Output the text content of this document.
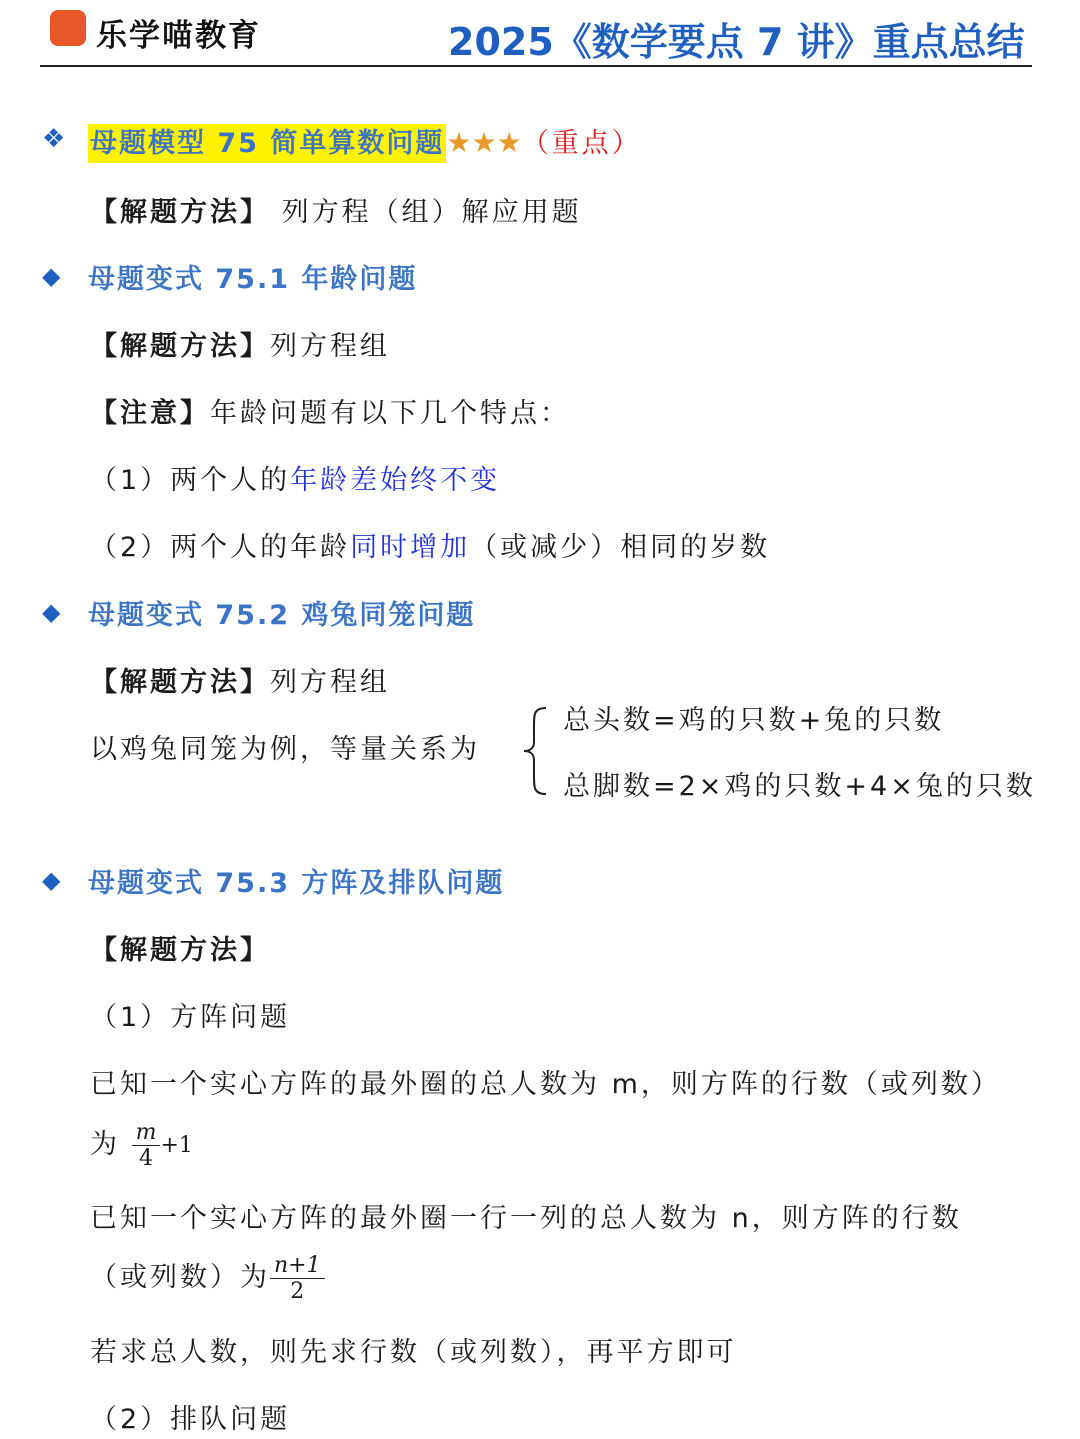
乐学喵教育	2025《数学要点 7 讲》重点总结
❖ 母题模型 75 简单算数问题★★★（重点）
【解题方法】 列方程（组）解应用题
◆ 母题变式 75.1 年龄问题
【解题方法】列方程组
【注意】年龄问题有以下几个特点：
（1）两个人的年龄差始终不变
（2）两个人的年龄同时增加（或减少）相同的岁数
◆ 母题变式 75.2 鸡兔同笼问题
【解题方法】列方程组
以鸡兔同笼为例，等量关系为
总头数=鸡的只数+兔的只数
总脚数=2×鸡的只数+4×兔的只数
◆ 母题变式 75.3 方阵及排队问题
【解题方法】
（1）方阵问题
已知一个实心方阵的最外圈的总人数为 m，则方阵的行数（或列数）
为 $\frac{m}{4} +1$
已知一个实心方阵的最外圈一行一列的总人数为 n，则方阵的行数
（或列数）为 $\frac{n+1}{2}$
若求总人数，则先求行数（或列数），再平方即可
（2）排队问题
